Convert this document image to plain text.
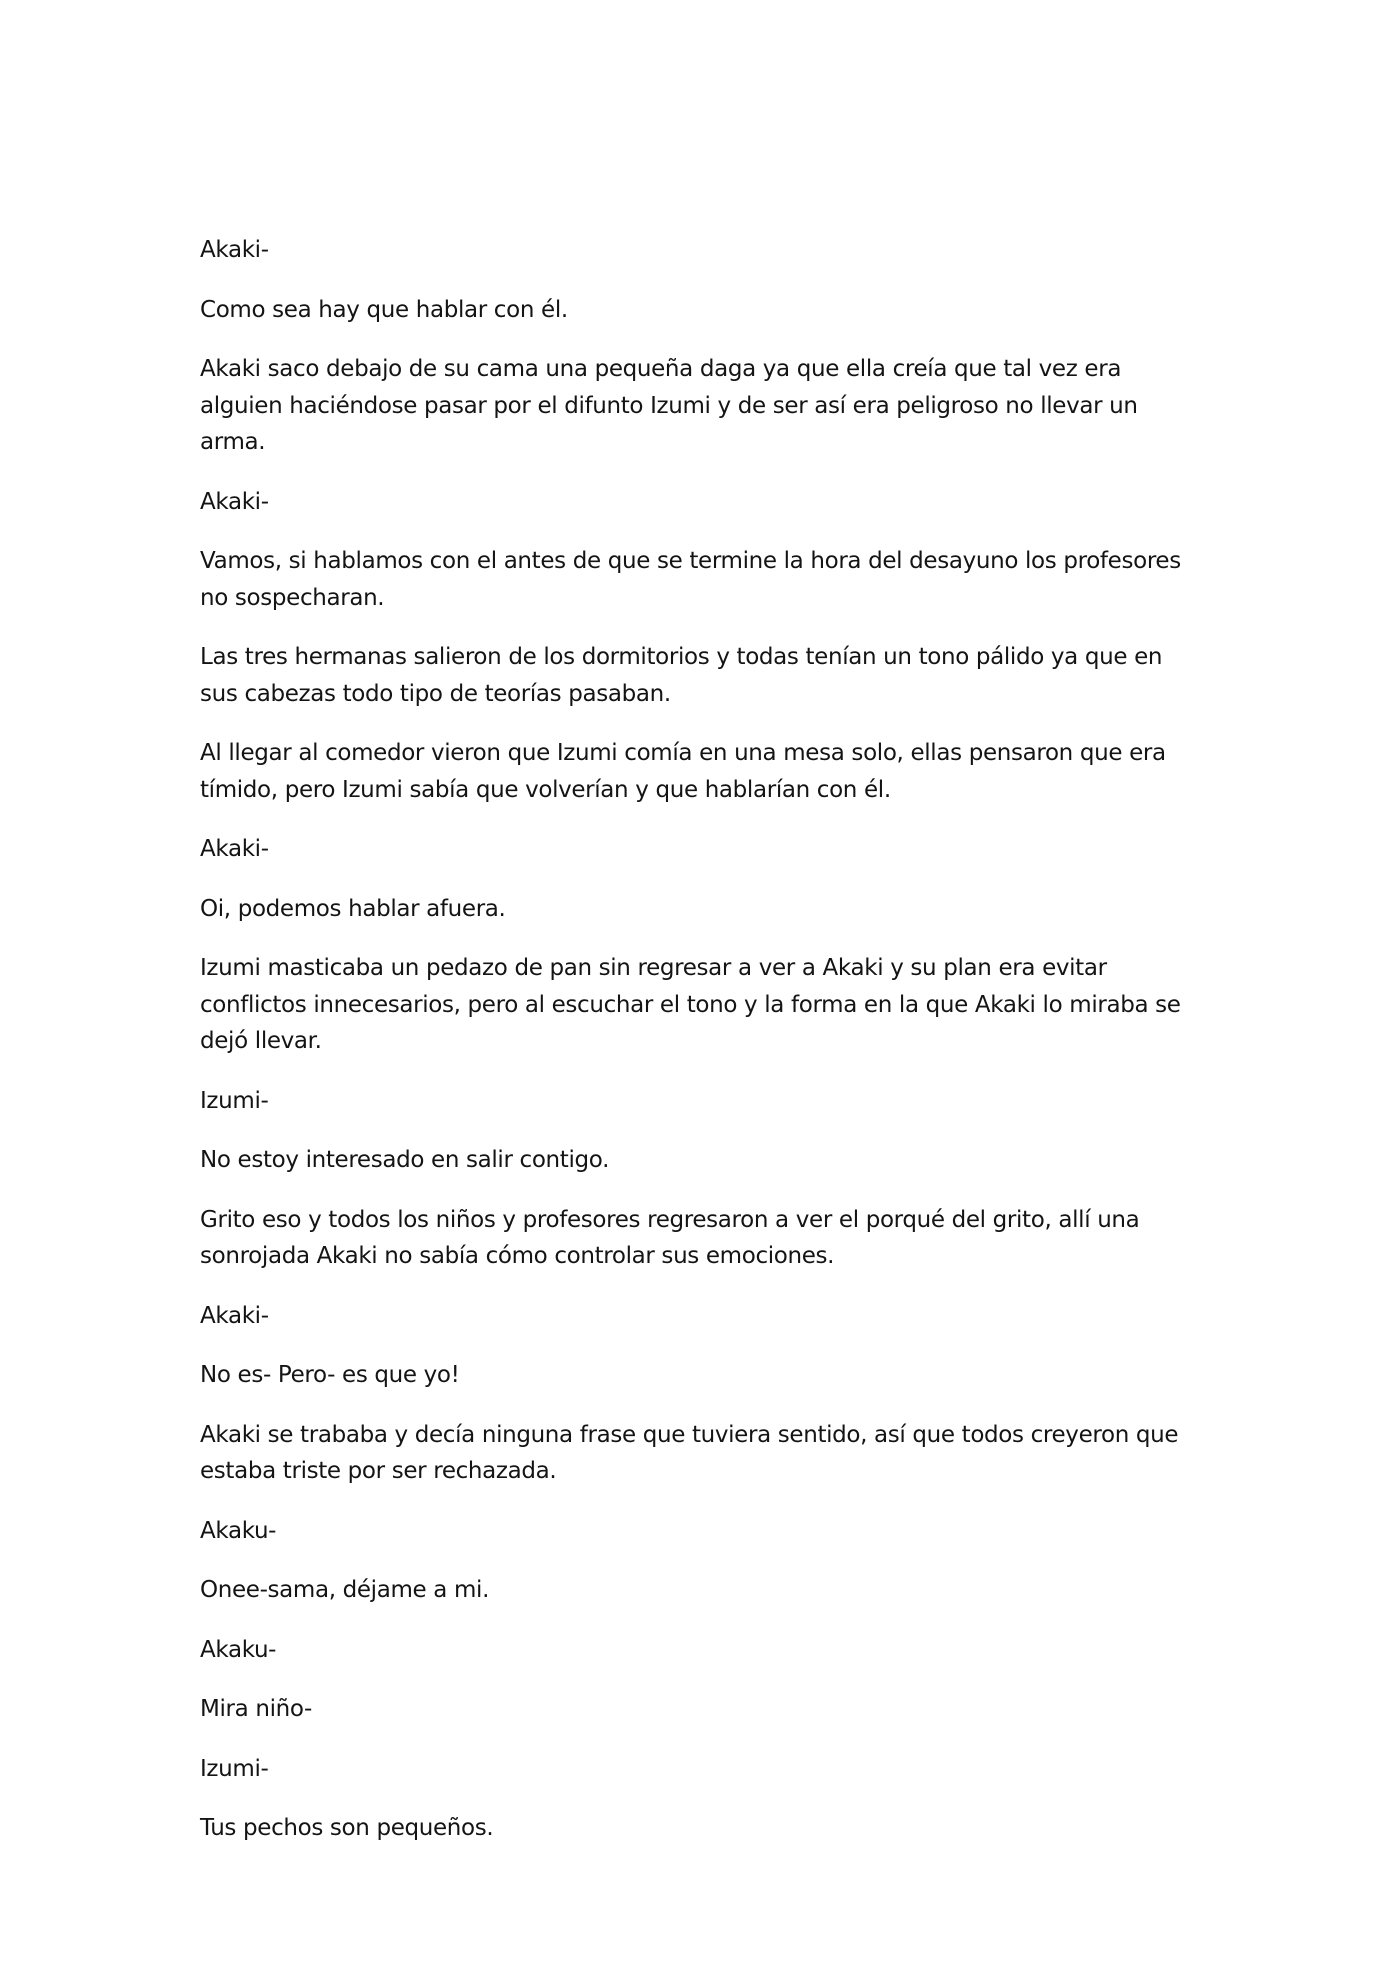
Akaki-

Como sea hay que hablar con él.

Akaki saco debajo de su cama una pequeña daga ya que ella creía que tal vez era alguien haciéndose pasar por el difunto Izumi y de ser así era peligroso no llevar un arma.

Akaki-

Vamos, si hablamos con el antes de que se termine la hora del desayuno los profesores no sospecharan.

Las tres hermanas salieron de los dormitorios y todas tenían un tono pálido ya que en sus cabezas todo tipo de teorías pasaban.

Al llegar al comedor vieron que Izumi comía en una mesa solo, ellas pensaron que era tímido, pero Izumi sabía que volverían y que hablarían con él.

Akaki-

Oi, podemos hablar afuera.

Izumi masticaba un pedazo de pan sin regresar a ver a Akaki y su plan era evitar conflictos innecesarios, pero al escuchar el tono y la forma en la que Akaki lo miraba se dejó llevar.

Izumi-

No estoy interesado en salir contigo.

Grito eso y todos los niños y profesores regresaron a ver el porqué del grito, allí una sonrojada Akaki no sabía cómo controlar sus emociones.

Akaki-

No es- Pero- es que yo!

Akaki se trababa y decía ninguna frase que tuviera sentido, así que todos creyeron que estaba triste por ser rechazada.

Akaku-

Onee-sama, déjame a mi.

Akaku-

Mira niño-

Izumi-

Tus pechos son pequeños.
